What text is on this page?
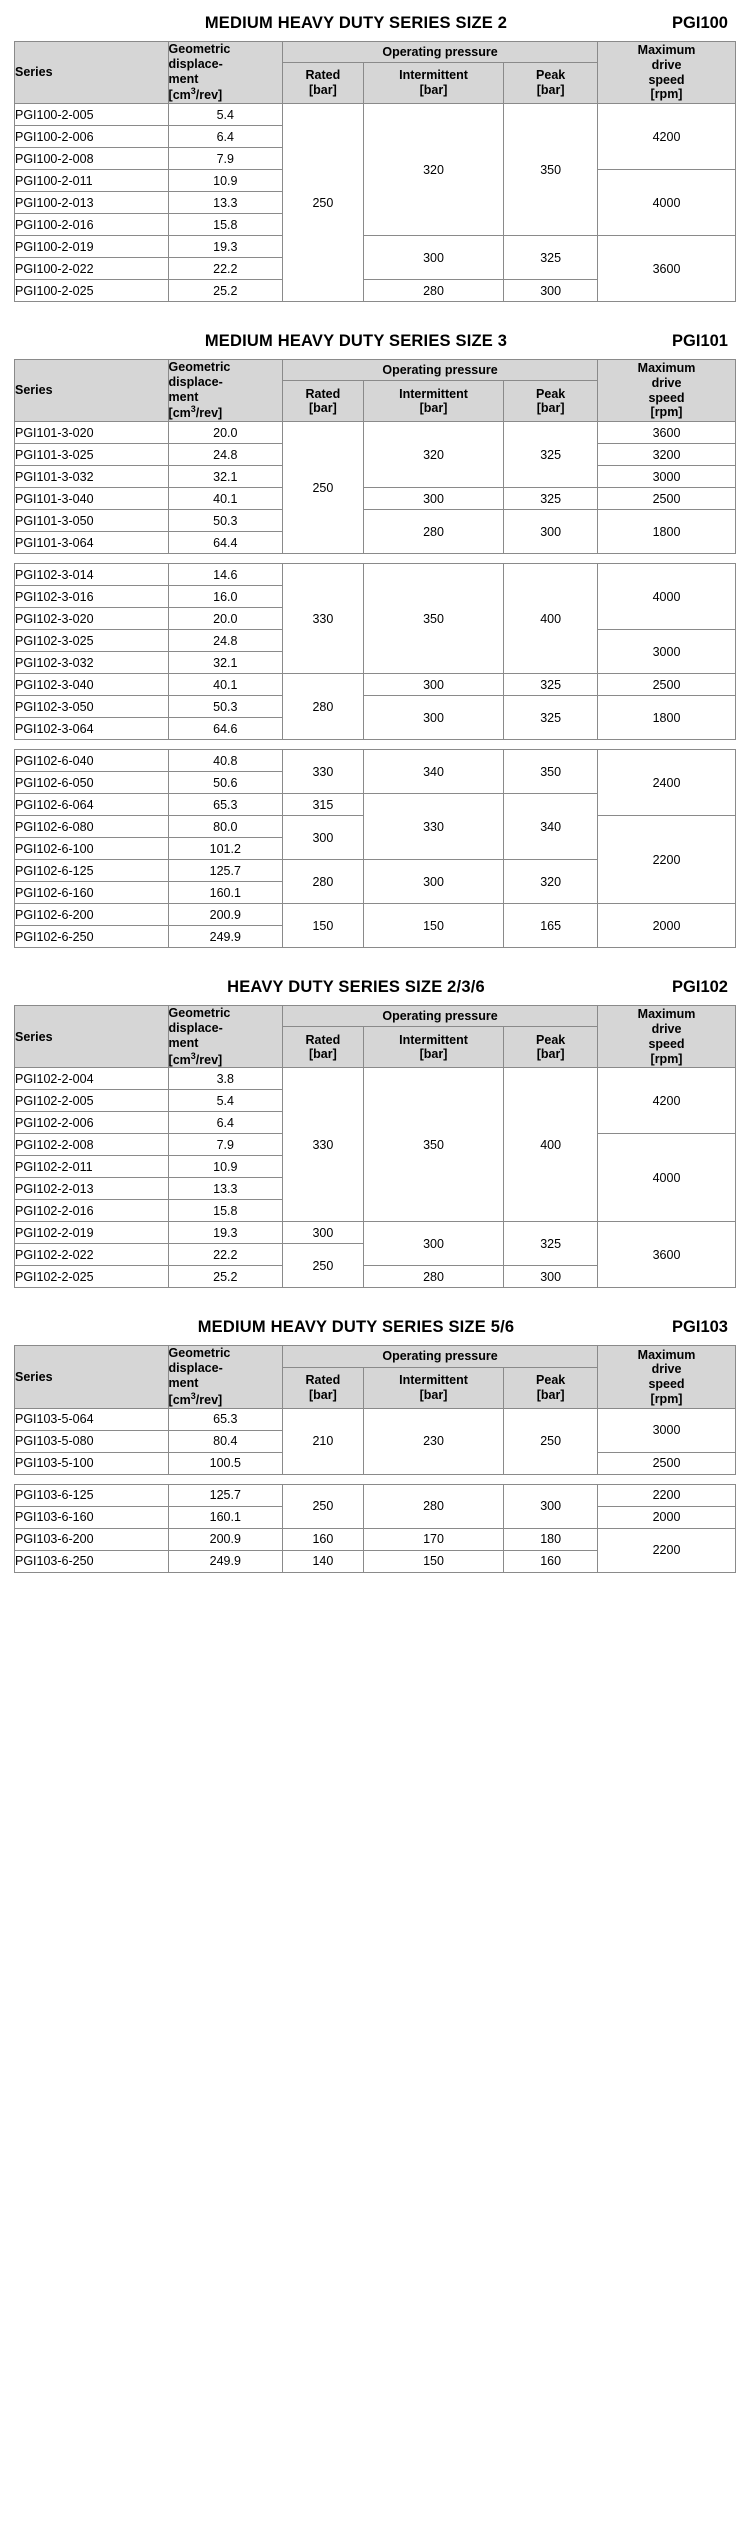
MEDIUM HEAVY DUTY SERIES SIZE 2	PGI100
Series

Geometric
displace-
ment
$[cm^3/rev]$
	Operating pressure	Maximum
drive
speed
[rpm]

Rated
[bar]

Intermittent
[bar]

Peak
[bar]

PGI100-2-005	5.4	250	320	350	4200
PGI100-2-006	6.4				
PGI100-2-008	7.9				
PGI100-2-011	10.9				4000
PGI100-2-013	13.3				
PGI100-2-016	15.8				
PGI100-2-019	19.3		300	325	3600
PGI100-2-022	22.2				
PGI100-2-025	25.2		280	300	
MEDIUM HEAVY DUTY SERIES SIZE 3	PGI101
Series

Geometric
displace-
ment
$[cm^3/rev]$
	Operating pressure	Maximum
drive
speed
[rpm]

Rated
[bar]

Intermittent
[bar]

Peak
[bar]

PGI101-3-020	20.0	250	320	325	3600
PGI101-3-025	24.8				3200
PGI101-3-032	32.1				3000
PGI101-3-040	40.1		300	325	2500
PGI101-3-050	50.3		280	300	1800
PGI101-3-064	64.4				

PGI102-3-014	14.6	330	350	400	4000
PGI102-3-016	16.0				
PGI102-3-020	20.0				
PGI102-3-025	24.8				3000
PGI102-3-032	32.1				
PGI102-3-040	40.1	280	300	325	2500
PGI102-3-050	50.3		300	325	1800
PGI102-3-064	64.6				

PGI102-6-040	40.8	330	340	350	2400
PGI102-6-050	50.6				
PGI102-6-064	65.3	315	330	340	
PGI102-6-080	80.0	300			2200
PGI102-6-100	101.2				
PGI102-6-125	125.7	280	300	320	
PGI102-6-160	160.1				
PGI102-6-200	200.9	150	150	165	2000
PGI102-6-250	249.9				
HEAVY DUTY SERIES SIZE 2/3/6	PGI102
Series

Geometric
displace-
ment
$[cm^3/rev]$
	Operating pressure	Maximum
drive
speed
[rpm]

Rated
[bar]

Intermittent
[bar]

Peak
[bar]

PGI102-2-004	3.8	330	350	400	4200
PGI102-2-005	5.4				
PGI102-2-006	6.4				
PGI102-2-008	7.9				4000
PGI102-2-011	10.9				
PGI102-2-013	13.3				
PGI102-2-016	15.8				
PGI102-2-019	19.3	300	300	325	3600
PGI102-2-022	22.2	250			
PGI102-2-025	25.2		280	300	
MEDIUM HEAVY DUTY SERIES SIZE 5/6	PGI103
Series

Geometric
displace-
ment
$[cm^3/rev]$
	Operating pressure	Maximum
drive
speed
[rpm]

Rated
[bar]

Intermittent
[bar]

Peak
[bar]

PGI103-5-064	65.3	210	230	250	3000
PGI103-5-080	80.4				
PGI103-5-100	100.5				2500

PGI103-6-125	125.7	250	280	300	2200
PGI103-6-160	160.1				2000
PGI103-6-200	200.9	160	170	180	2200
PGI103-6-250	249.9	140	150	160	
